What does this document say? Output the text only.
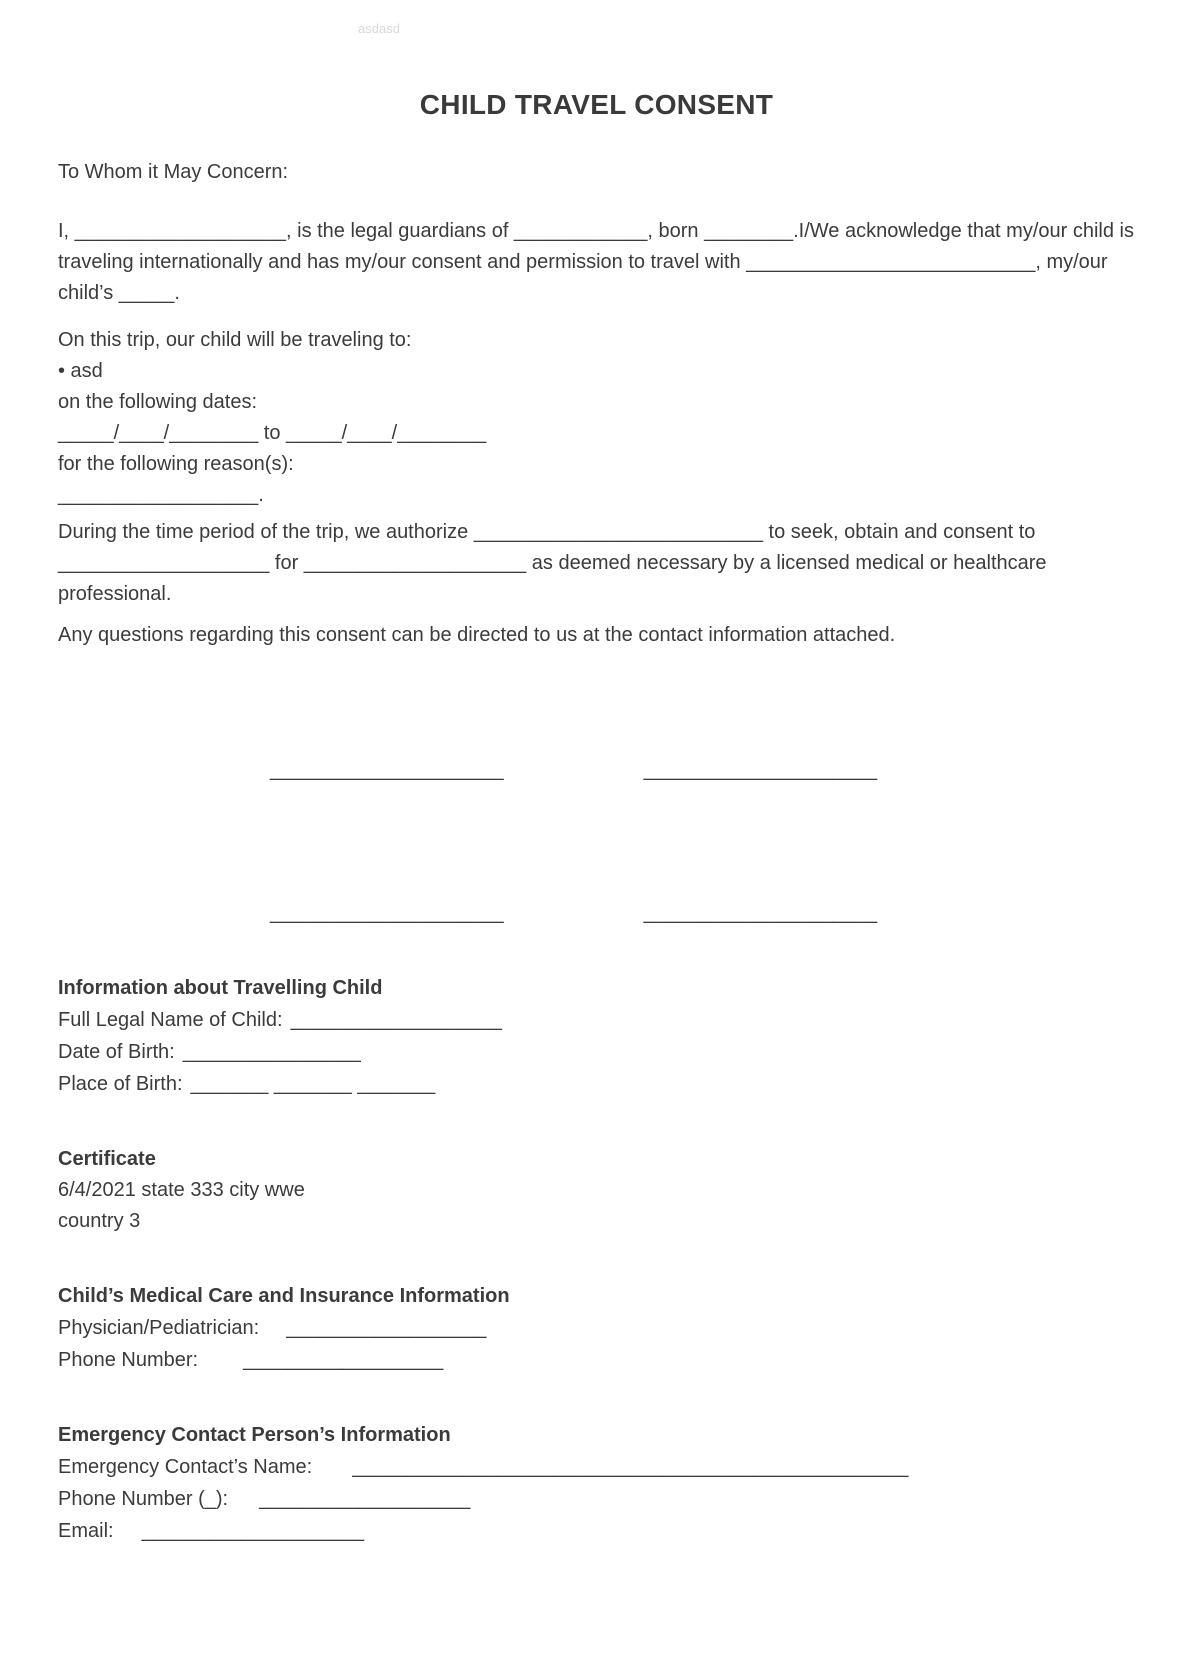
asdasd
CHILD TRAVEL CONSENT

To Whom it May Concern:

I, ___________________, is the legal guardians of ____________, born ________.I/We acknowledge that my/our child is traveling internationally and has my/our consent and permission to travel with __________________________, my/our child’s _____.

On this trip, our child will be traveling to:

• asd

on the following dates:

_____/____/________ to _____/____/________

for the following reason(s):

__________________.

During the time period of the trip, we authorize __________________________ to seek, obtain and consent to ___________________ for ____________________ as deemed necessary by a licensed medical or healthcare professional.

Any questions regarding this consent can be directed to us at the contact information attached.

_____________________	_____________________
_____________________	_____________________

Information about Travelling Child

Full Legal Name of Child: ___________________

Date of Birth: ________________

Place of Birth: _______ _______ _______

Certificate

6/4/2021 state 333 city wwe

country 3

Child’s Medical Care and Insurance Information

Physician/Pediatrician: __________________

Phone Number: __________________

Emergency Contact Person’s Information

Emergency Contact’s Name: __________________________________________________

Phone Number (_): ___________________

Email: ____________________
